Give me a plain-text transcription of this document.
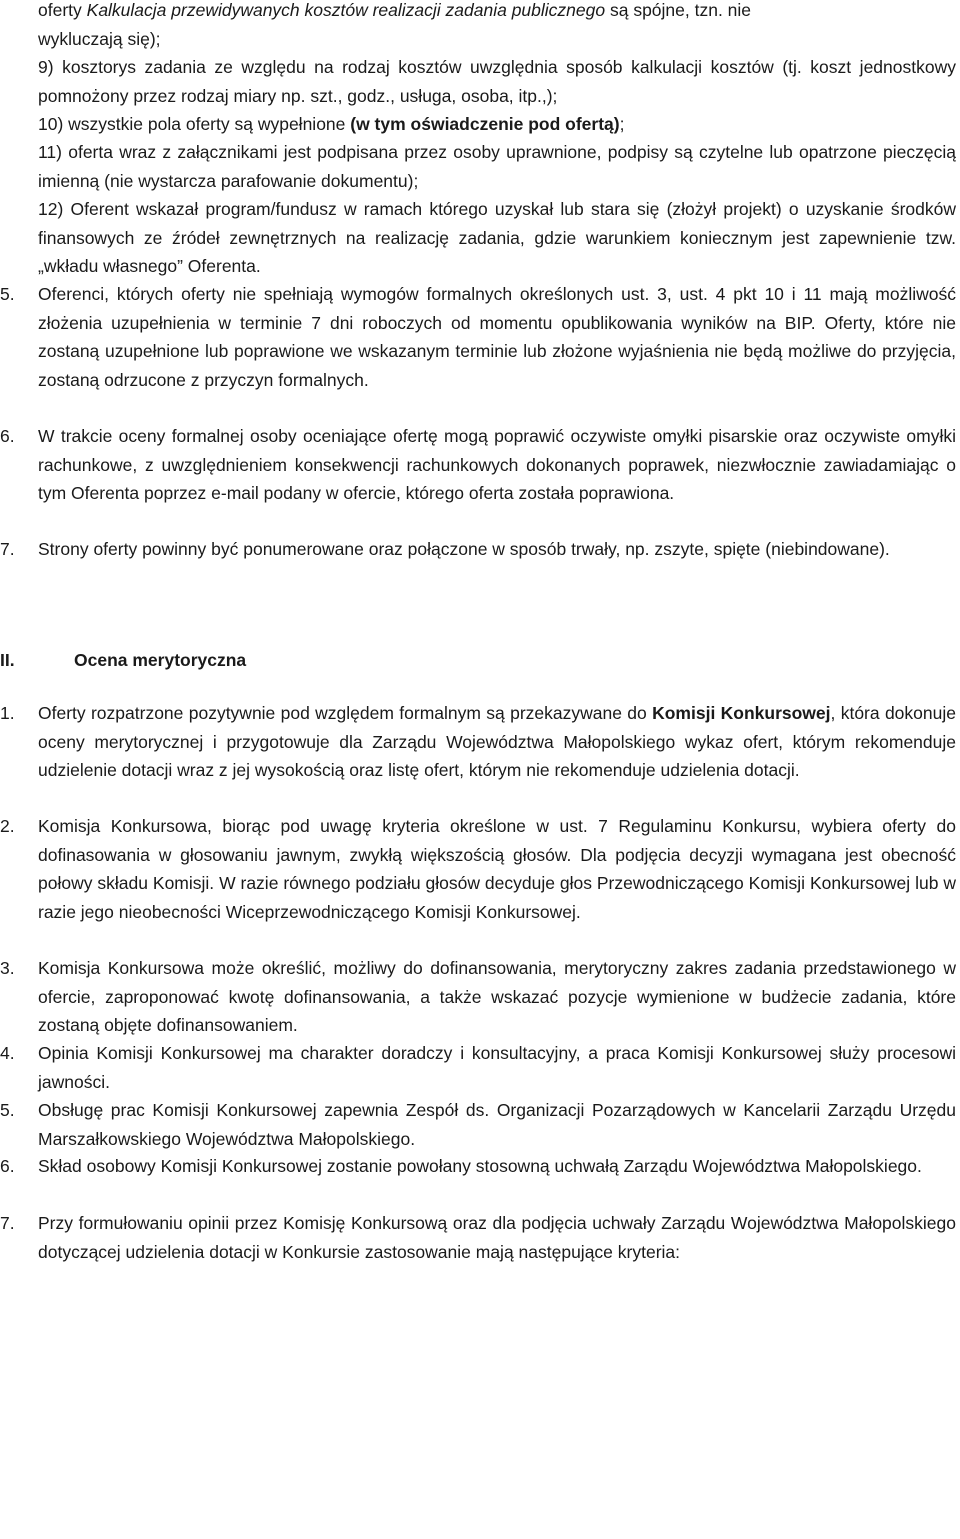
oferty Kalkulacja przewidywanych kosztów realizacji zadania publicznego są spójne, tzn. nie
wykluczają się);

9) kosztorys zadania ze względu na rodzaj kosztów uwzględnia sposób kalkulacji kosztów (tj. koszt jednostkowy pomnożony przez rodzaj miary np. szt., godz., usługa, osoba, itp.,);

10) wszystkie pola oferty są wypełnione (w tym oświadczenie pod ofertą);

11) oferta wraz z załącznikami jest podpisana przez osoby uprawnione, podpisy są czytelne lub opatrzone pieczęcią imienną (nie wystarcza parafowanie dokumentu);

12) Oferent wskazał program/fundusz w ramach którego uzyskał lub stara się (złożył projekt) o uzyskanie środków finansowych ze źródeł zewnętrznych na realizację zadania, gdzie warunkiem koniecznym jest zapewnienie tzw. „wkładu własnego” Oferenta.

5.	Oferenci, których oferty nie spełniają wymogów formalnych określonych ust. 3, ust. 4 pkt 10 i 11 mają możliwość złożenia uzupełnienia w terminie 7 dni roboczych od momentu opublikowania wyników na BIP. Oferty, które nie zostaną uzupełnione lub poprawione we wskazanym terminie lub złożone wyjaśnienia nie będą możliwe do przyjęcia, zostaną odrzucone z przyczyn formalnych.
6.	W trakcie oceny formalnej osoby oceniające ofertę mogą poprawić oczywiste omyłki pisarskie oraz oczywiste omyłki rachunkowe, z uwzględnieniem konsekwencji rachunkowych dokonanych poprawek, niezwłocznie zawiadamiając o tym Oferenta poprzez e-mail podany w ofercie, którego oferta została poprawiona.
7.	Strony oferty powinny być ponumerowane oraz połączone w sposób trwały, np. zszyte, spięte (niebindowane).
II.	Ocena merytoryczna
1.	Oferty rozpatrzone pozytywnie pod względem formalnym są przekazywane do Komisji Konkursowej, która dokonuje oceny merytorycznej i przygotowuje dla Zarządu Województwa Małopolskiego wykaz ofert, którym rekomenduje udzielenie dotacji wraz z jej wysokością oraz listę ofert, którym nie rekomenduje udzielenia dotacji.
2.	Komisja Konkursowa, biorąc pod uwagę kryteria określone w ust. 7 Regulaminu Konkursu, wybiera oferty do dofinasowania w głosowaniu jawnym, zwykłą większością głosów. Dla podjęcia decyzji wymagana jest obecność połowy składu Komisji. W razie równego podziału głosów decyduje głos Przewodniczącego Komisji Konkursowej lub w razie jego nieobecności Wiceprzewodniczącego Komisji Konkursowej.
3.	Komisja Konkursowa może określić, możliwy do dofinansowania, merytoryczny zakres zadania przedstawionego w ofercie, zaproponować kwotę dofinansowania, a także wskazać pozycje wymienione w budżecie zadania, które zostaną objęte dofinansowaniem.
4.	Opinia Komisji Konkursowej ma charakter doradczy i konsultacyjny, a praca Komisji Konkursowej służy procesowi jawności.
5.	Obsługę prac Komisji Konkursowej zapewnia Zespół ds. Organizacji Pozarządowych w Kancelarii Zarządu Urzędu Marszałkowskiego Województwa Małopolskiego.
6.	Skład osobowy Komisji Konkursowej zostanie powołany stosowną uchwałą Zarządu Województwa Małopolskiego.
7.	Przy formułowaniu opinii przez Komisję Konkursową oraz dla podjęcia uchwały Zarządu Województwa Małopolskiego dotyczącej udzielenia dotacji w Konkursie zastosowanie mają następujące kryteria:
